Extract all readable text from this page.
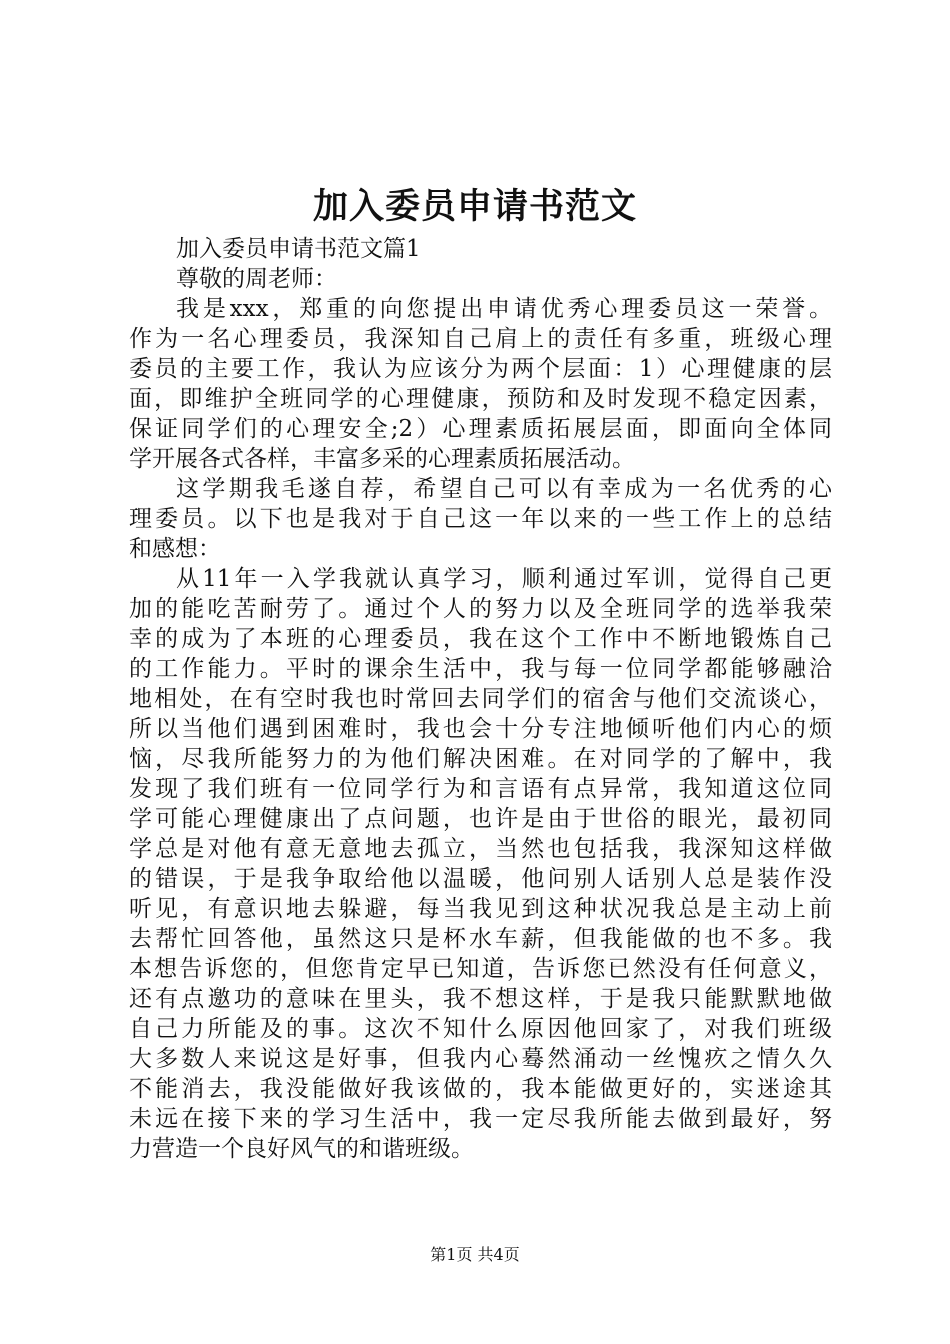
加入委员申请书范文
加入委员申请书范文篇1
尊敬的周老师：
我是xxx，郑重的向您提出申请优秀心理委员这一荣誉。
作为一名心理委员，我深知自己肩上的责任有多重，班级心理
委员的主要工作，我认为应该分为两个层面：1）心理健康的层
面，即维护全班同学的心理健康，预防和及时发现不稳定因素，
保证同学们的心理安全;2）心理素质拓展层面，即面向全体同
学开展各式各样，丰富多采的心理素质拓展活动。
这学期我毛遂自荐，希望自己可以有幸成为一名优秀的心
理委员。以下也是我对于自己这一年以来的一些工作上的总结
和感想：
从11年一入学我就认真学习，顺利通过军训，觉得自己更
加的能吃苦耐劳了。通过个人的努力以及全班同学的选举我荣
幸的成为了本班的心理委员，我在这个工作中不断地锻炼自己
的工作能力。平时的课余生活中，我与每一位同学都能够融洽
地相处，在有空时我也时常回去同学们的宿舍与他们交流谈心，
所以当他们遇到困难时，我也会十分专注地倾听他们内心的烦
恼，尽我所能努力的为他们解决困难。在对同学的了解中，我
发现了我们班有一位同学行为和言语有点异常，我知道这位同
学可能心理健康出了点问题，也许是由于世俗的眼光，最初同
学总是对他有意无意地去孤立，当然也包括我，我深知这样做
的错误，于是我争取给他以温暖，他问别人话别人总是装作没
听见，有意识地去躲避，每当我见到这种状况我总是主动上前
去帮忙回答他，虽然这只是杯水车薪，但我能做的也不多。我
本想告诉您的，但您肯定早已知道，告诉您已然没有任何意义，
还有点邀功的意味在里头，我不想这样，于是我只能默默地做
自己力所能及的事。这次不知什么原因他回家了，对我们班级
大多数人来说这是好事，但我内心蓦然涌动一丝愧疚之情久久
不能消去，我没能做好我该做的，我本能做更好的，实迷途其
未远在接下来的学习生活中，我一定尽我所能去做到最好，努
力营造一个良好风气的和谐班级。
第1页 共4页
